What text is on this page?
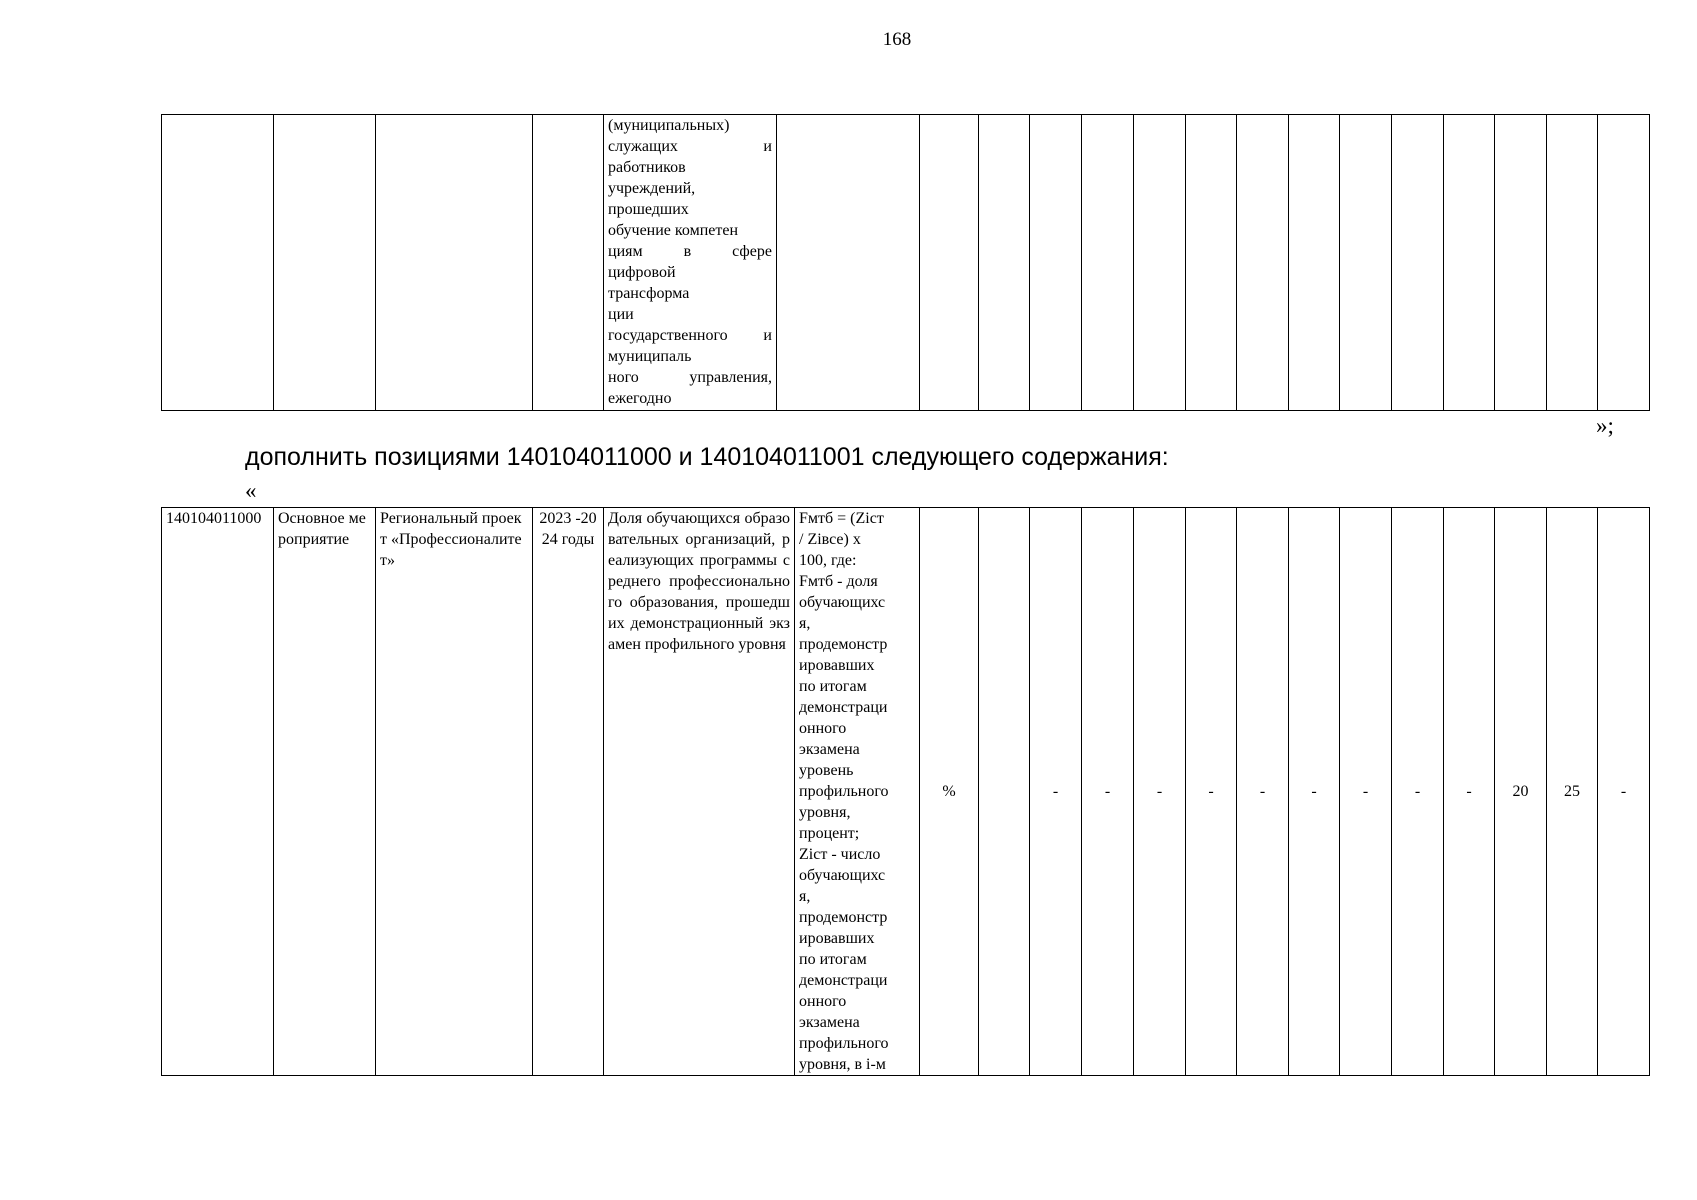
168

(муниципальных)
служащих и
работников
учреждений,
прошедших
обучение компетен
циям в сфере
цифровой
трансформа
ции
государственного и
муниципаль
ного управления,
ежегодно

»;
дополнить позициями 140104011000 и 140104011001 следующего содержания:
«
140104011000	Основное мероприятие	Региональный проект «Профессионалитет»	2023 -2024 годы	Доля обучающихся образовательных организаций, реализующих программы среднего профессионального образования, прошедших демонстрационный экзамен профильного уровня	
Fмтб = (Zicт
/ Ziвсе) x
100, где:
Fмтб - доля
обучающихс
я,
продемонстр
ировавших
по итогам
демонстраци
онного
экзамена
уровень
профильного
уровня,
процент;
Zicт - число
обучающихс
я,
продемонстр
ировавших
по итогам
демонстраци
онного
экзамена
профильного
уровня, в i-м
	%		-	-	-	-	-	-	-	-	-	20	25	-
